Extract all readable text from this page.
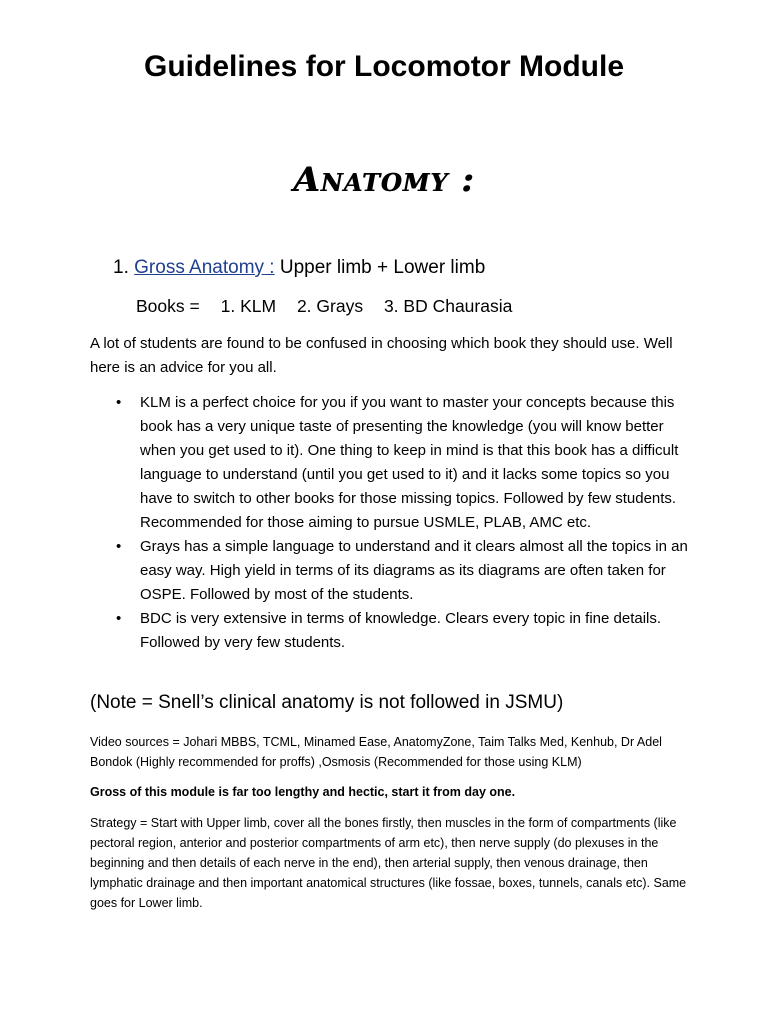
Guidelines for Locomotor Module
Anatomy :
1. Gross Anatomy : Upper limb + Lower limb
Books = 1. KLM 2. Grays 3. BD Chaurasia
A lot of students are found to be confused in choosing which book they should use. Well here is an advice for you all.
• KLM is a perfect choice for you if you want to master your concepts because this book has a very unique taste of presenting the knowledge (you will know better when you get used to it). One thing to keep in mind is that this book has a difficult language to understand (until you get used to it) and it lacks some topics so you have to switch to other books for those missing topics. Followed by few students. Recommended for those aiming to pursue USMLE, PLAB, AMC etc.
• Grays has a simple language to understand and it clears almost all the topics in an easy way. High yield in terms of its diagrams as its diagrams are often taken for OSPE. Followed by most of the students.
• BDC is very extensive in terms of knowledge. Clears every topic in fine details. Followed by very few students.
(Note = Snell’s clinical anatomy is not followed in JSMU)
Video sources = Johari MBBS, TCML, Minamed Ease, AnatomyZone, Taim Talks Med, Kenhub, Dr Adel Bondok (Highly recommended for proffs) ,Osmosis (Recommended for those using KLM)
Gross of this module is far too lengthy and hectic, start it from day one.
Strategy = Start with Upper limb, cover all the bones firstly, then muscles in the form of compartments (like pectoral region, anterior and posterior compartments of arm etc), then nerve supply (do plexuses in the beginning and then details of each nerve in the end), then arterial supply, then venous drainage, then lymphatic drainage and then important anatomical structures (like fossae, boxes, tunnels, canals etc). Same goes for Lower limb.
